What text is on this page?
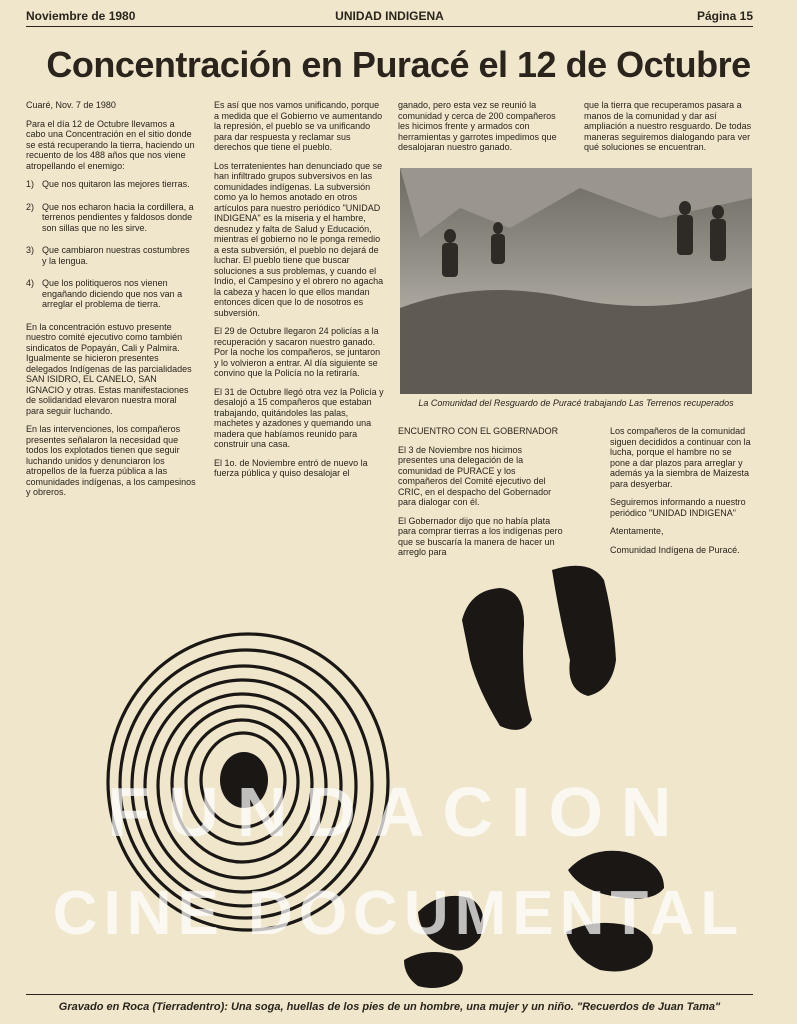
Noviembre de 1980	UNIDAD INDIGENA	Página 15
Concentración en Puracé el 12 de Octubre

Cuaré, Nov. 7 de 1980

Para el día 12 de Octubre llevamos a cabo una Concentración en el sitio donde se está recuperando la tierra, haciendo un recuento de los 488 años que nos viene atropellando el enemigo:

1) Que nos quitaron las mejores tierras.
2) Que nos echaron hacia la cordillera, a terrenos pendientes y faldosos donde son sillas que no les sirve.
3) Que cambiaron nuestras costumbres y la lengua.
4) Que los politiqueros nos vienen engañando diciendo que nos van a arreglar el problema de tierra.

En la concentración estuvo presente nuestro comité ejecutivo como también sindicatos de Popayán, Cali y Palmira. Igualmente se hicieron presentes delegados Indígenas de las parcialidades SAN ISIDRO, EL CANELO, SAN IGNACIO y otras. Estas manifestaciones de solidaridad elevaron nuestra moral para seguir luchando.

En las intervenciones, los compañeros presentes señalaron la necesidad que todos los explotados tienen que seguir luchando unidos y denunciaron los atropellos de la fuerza pública a las comunidades indígenas, a los campesinos y obreros.

Es así que nos vamos unificando, porque a medida que el Gobierno ve aumentando la represión, el pueblo se va unificando para dar respuesta y reclamar sus derechos que tiene el pueblo.

Los terratenientes han denunciado que se han infiltrado grupos subversivos en las comunidades indígenas. La subversión como ya lo hemos anotado en otros artículos para nuestro periódico "UNIDAD INDIGENA" es la miseria y el hambre, desnudez y falta de Salud y Educación, mientras el gobierno no le ponga remedio a esta subversión, el pueblo no dejará de luchar. El pueblo tiene que buscar soluciones a sus problemas, y cuando el Indio, el Campesino y el obrero no agacha la cabeza y hacen lo que ellos mandan entonces dicen que lo de nosotros es subversión.

El 29 de Octubre llegaron 24 policías a la recuperación y sacaron nuestro ganado. Por la noche los compañeros, se juntaron y lo volvieron a entrar. Al día siguiente se convino que la Policía no la retiraría.

El 31 de Octubre llegó otra vez la Policía y desalojó a 15 compañeros que estaban trabajando, quitándoles las palas, machetes y azadones y quemando una madera que habíamos reunido para construir una casa.

El 1o. de Noviembre entró de nuevo la fuerza pública y quiso desalojar el

ganado, pero esta vez se reunió la comunidad y cerca de 200 compañeros les hicimos frente y armados con herramientas y garrotes impedimos que desalojaran nuestro ganado.

que la tierra que recuperamos pasara a manos de la comunidad y dar así ampliación a nuestro resguardo. De todas maneras seguiremos dialogando para ver qué soluciones se encuentran.

La Comunidad del Resguardo de Puracé trabajando Las Terrenos recuperados

ENCUENTRO CON EL GOBERNADOR

El 3 de Noviembre nos hicimos presentes una delegación de la comunidad de PURACE y los compañeros del Comité ejecutivo del CRIC, en el despacho del Gobernador para dialogar con él.

El Gobernador dijo que no había plata para comprar tierras a los indígenas pero que se buscaría la manera de hacer un arreglo para

Los compañeros de la comunidad siguen decididos a continuar con la lucha, porque el hambre no se pone a dar plazos para arreglar y además ya la siembra de Maizesta para desyerbar.

Seguiremos informando a nuestro periódico "UNIDAD INDIGENA"

Atentamente,

Comunidad Indígena de Puracé.

FUNDACION
CINE DOCUMENTAL
Gravado en Roca (Tierradentro): Una soga, huellas de los pies de un hombre, una mujer y un niño. "Recuerdos de Juan Tama"
